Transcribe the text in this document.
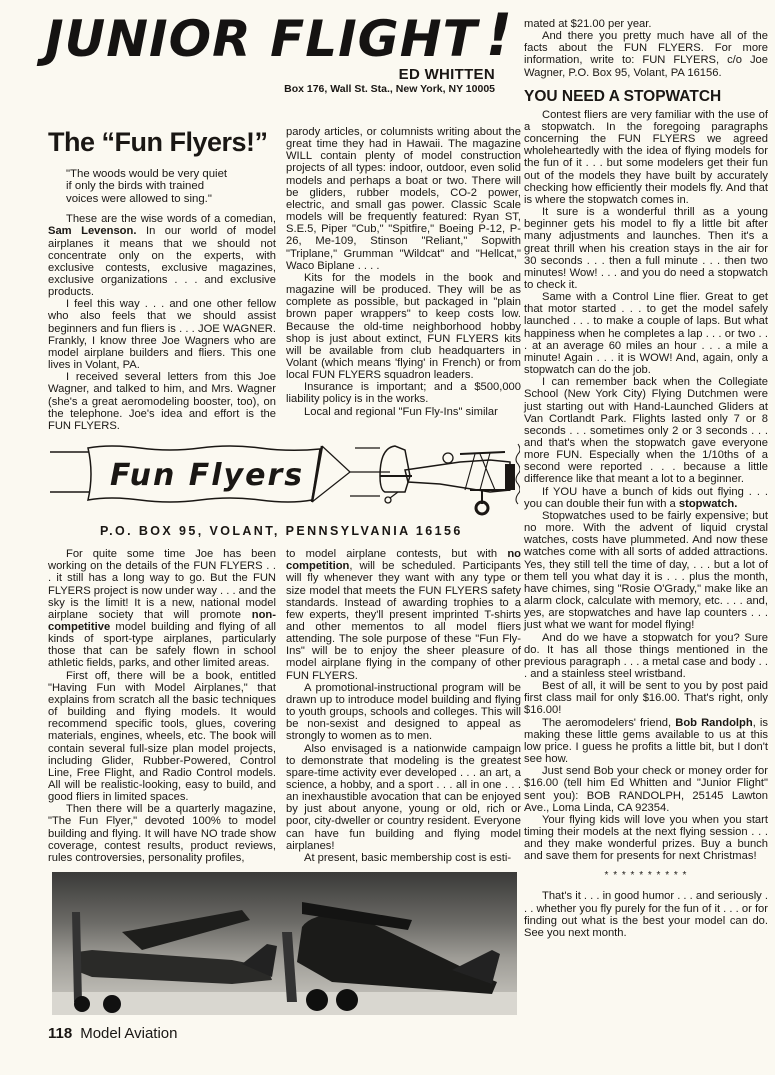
JUNIOR FLIGHT !
ED WHITTEN
Box 176, Wall St. Sta., New York, NY 10005
The “Fun Flyers!”
"The woods would be very quiet
if only the birds with trained
voices were allowed to sing."

These are the wise words of a comedian, Sam Levenson. In our world of model airplanes it means that we should not concentrate only on the experts, with exclusive contests, exclusive magazines, exclusive organizations . . . and exclusive products.

I feel this way . . . and one other fellow who also feels that we should assist beginners and fun fliers is . . . JOE WAGNER. Frankly, I know three Joe Wagners who are model airplane builders and fliers. This one lives in Volant, PA.

I received several letters from this Joe Wagner, and talked to him, and Mrs. Wagner (she's a great aeromodeling booster, too), on the telephone. Joe's idea and effort is the FUN FLYERS.

parody articles, or columnists writing about the great time they had in Hawaii. The magazine WILL contain plenty of model construction projects of all types: indoor, outdoor, even solid models and perhaps a boat or two. There will be gliders, rubber models, CO-2 power, electric, and small gas power. Classic Scale models will be frequently featured: Ryan ST, S.E.5, Piper "Cub," "Spitfire," Boeing P-12, P-26, Me-109, Stinson "Reliant," Sopwith "Triplane," Grumman "Wildcat" and "Hellcat," Waco Biplane . . . .

Kits for the models in the book and magazine will be produced. They will be as complete as possible, but packaged in "plain brown paper wrappers" to keep costs low. Because the old-time neighborhood hobby shop is just about extinct, FUN FLYERS kits will be available from club headquarters in Volant (which means 'flying' in French) or from local FUN FLYERS squadron leaders.

Insurance is important; and a $500,000 liability policy is in the works.

Local and regional "Fun Fly-Ins" similar

Fun Flyers
P.O. BOX 95, VOLANT, PENNSYLVANIA 16156

For quite some time Joe has been working on the details of the FUN FLYERS . . . it still has a long way to go. But the FUN FLYERS project is now under way . . . and the sky is the limit! It is a new, national model airplane society that will promote non-competitive model building and flying of all kinds of sport-type airplanes, particularly those that can be safely flown in school athletic fields, parks, and other limited areas.

First off, there will be a book, entitled "Having Fun with Model Airplanes," that explains from scratch all the basic techniques of building and flying models. It would recommend specific tools, glues, covering materials, engines, wheels, etc. The book will contain several full-size plan model projects, including Glider, Rubber-Powered, Control Line, Free Flight, and Radio Control models. All will be realistic-looking, easy to build, and good fliers in limited spaces.

Then there will be a quarterly magazine, "The Fun Flyer," devoted 100% to model building and flying. It will have NO trade show coverage, contest results, product reviews, rules controversies, personality profiles,

to model airplane contests, but with no competition, will be scheduled. Participants will fly whenever they want with any type or size model that meets the FUN FLYERS safety standards. Instead of awarding trophies to a few experts, they'll present imprinted T-shirts and other mementos to all model fliers attending. The sole purpose of these "Fun Fly-Ins" will be to enjoy the sheer pleasure of model airplane flying in the company of other FUN FLYERS.

A promotional-instructional program will be drawn up to introduce model building and flying to youth groups, schools and colleges. This will be non-sexist and designed to appeal as strongly to women as to men.

Also envisaged is a nationwide campaign to demonstrate that modeling is the greatest spare-time activity ever developed . . . an art, a science, a hobby, and a sport . . . all in one . . . an inexhaustible avocation that can be enjoyed by just about anyone, young or old, rich or poor, city-dweller or country resident. Everyone can have fun building and flying model airplanes!

At present, basic membership cost is esti-

118 Model Aviation

mated at $21.00 per year.

And there you pretty much have all of the facts about the FUN FLYERS. For more information, write to: FUN FLYERS, c/o Joe Wagner, P.O. Box 95, Volant, PA 16156.

YOU NEED A STOPWATCH

Contest fliers are very familiar with the use of a stopwatch. In the foregoing paragraphs concerning the FUN FLYERS we agreed wholeheartedly with the idea of flying models for the fun of it . . . but some modelers get their fun out of the models they have built by accurately checking how efficiently their models fly. And that is where the stopwatch comes in.

It sure is a wonderful thrill as a young beginner gets his model to fly a little bit after many adjustments and launches. Then it's a great thrill when his creation stays in the air for 30 seconds . . . then a full minute . . . then two minutes! Wow! . . . and you do need a stopwatch to check it.

Same with a Control Line flier. Great to get that motor started . . . to get the model safely launched . . . to make a couple of laps. But what happiness when he completes a lap . . . or two . . . at an average 60 miles an hour . . . a mile a minute! Again . . . it is WOW! And, again, only a stopwatch can do the job.

I can remember back when the Collegiate School (New York City) Flying Dutchmen were just starting out with Hand-Launched Gliders at Van Cortlandt Park. Flights lasted only 7 or 8 seconds . . . sometimes only 2 or 3 seconds . . . and that's when the stopwatch gave everyone more FUN. Especially when the 1/10ths of a second were reported . . . because a little difference like that meant a lot to a beginner.

If YOU have a bunch of kids out flying . . . you can double their fun with a stopwatch.

Stopwatches used to be fairly expensive; but no more. With the advent of liquid crystal watches, costs have plummeted. And now these watches come with all sorts of added attractions. Yes, they still tell the time of day, . . . but a lot of them tell you what day it is . . . plus the month, have chimes, sing "Rosie O'Grady," make like an alarm clock, calculate with memory, etc. . . . and, yes, are stopwatches and have lap counters . . . just what we want for model flying!

And do we have a stopwatch for you? Sure do. It has all those things mentioned in the previous paragraph . . . a metal case and body . . . and a stainless steel wristband.

Best of all, it will be sent to you by post paid first class mail for only $16.00. That's right, only $16.00!

The aeromodelers' friend, Bob Randolph, is making these little gems available to us at this low price. I guess he profits a little bit, but I don't see how.

Just send Bob your check or money order for $16.00 (tell him Ed Whitten and "Junior Flight" sent you): BOB RANDOLPH, 25145 Lawton Ave., Loma Linda, CA 92354.

Your flying kids will love you when you start timing their models at the next flying session . . . and they make wonderful prizes. Buy a bunch and save them for presents for next Christmas!

* * * * * * * * * *

That's it . . . in good humor . . . and seriously . . . whether you fly purely for the fun of it . . . or for finding out what is the best your model can do. See you next month.
